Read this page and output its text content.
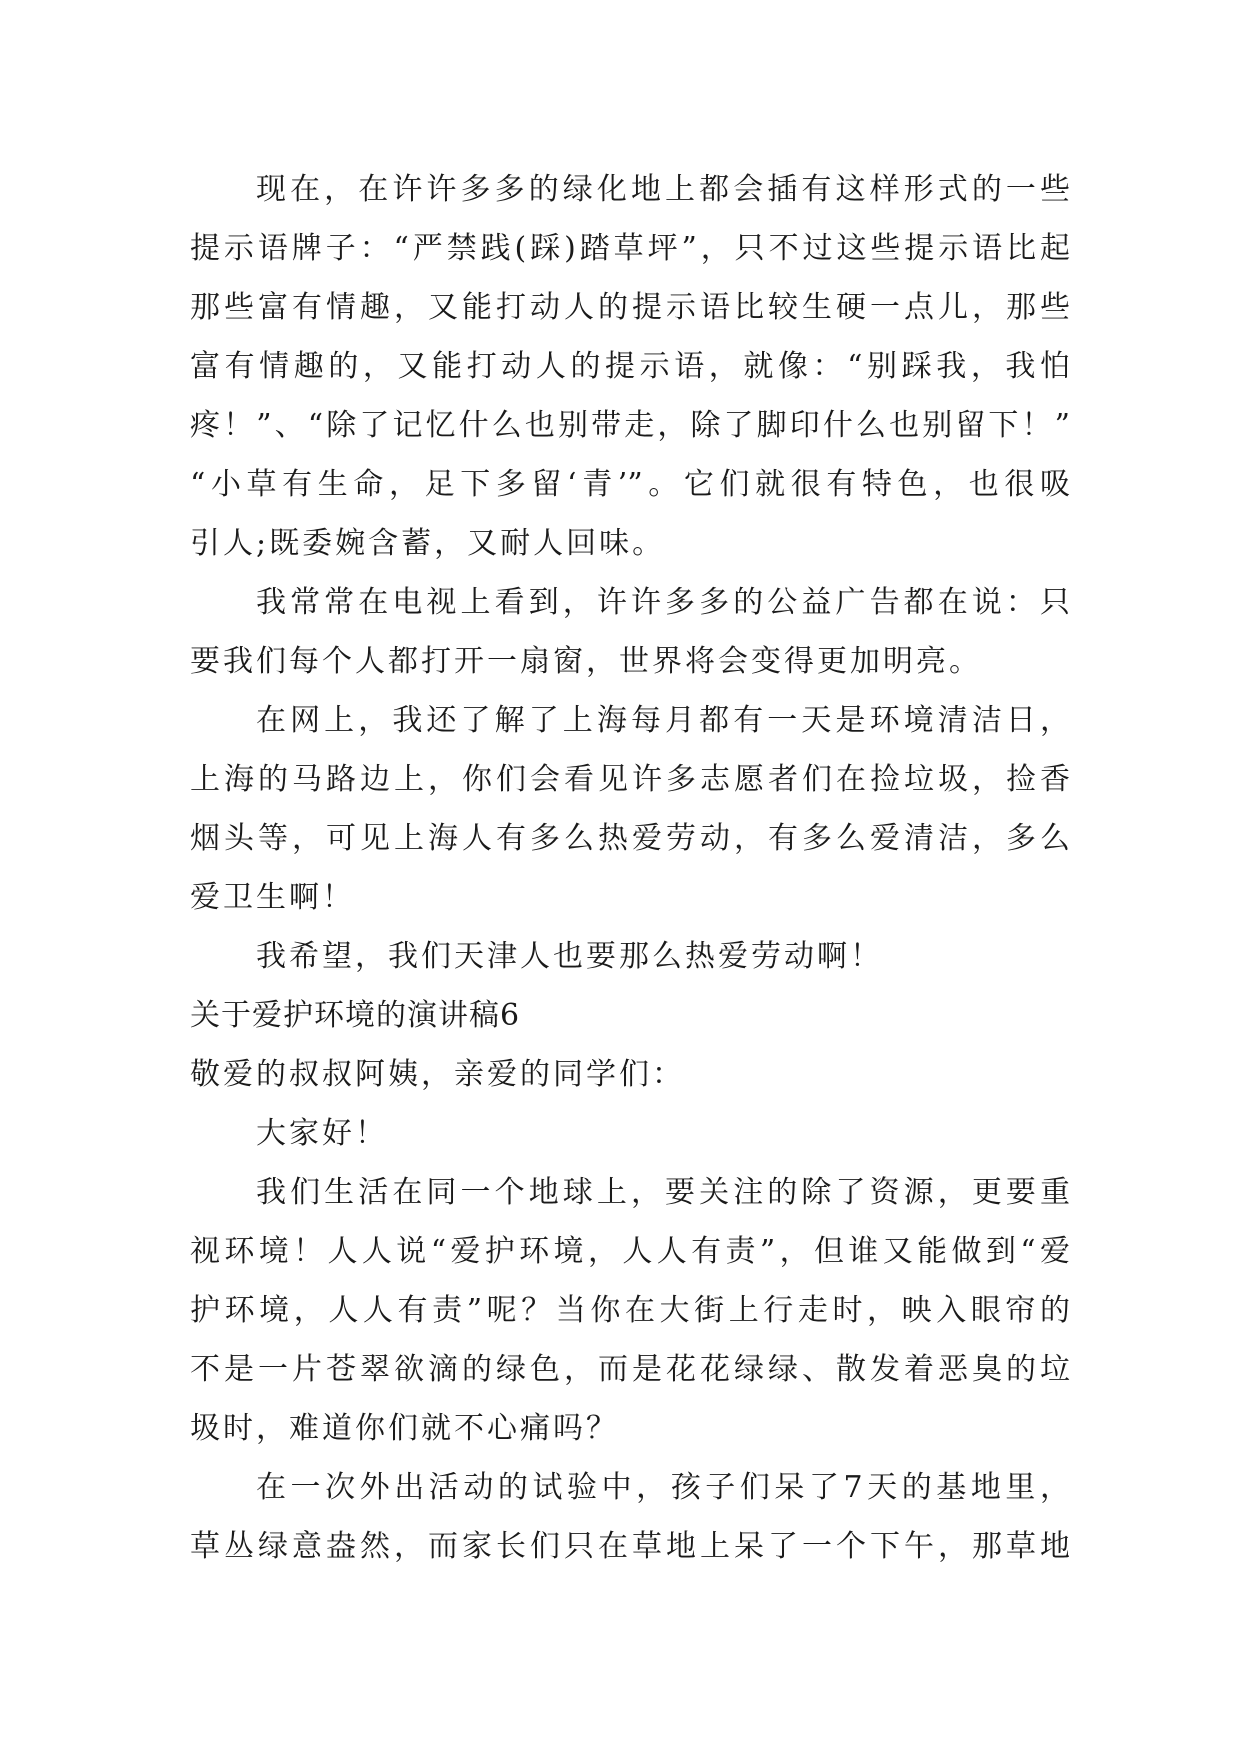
现在，在许许多多的绿化地上都会插有这样形式的一些
提示语牌子：“严禁践(踩)踏草坪”，只不过这些提示语比起
那些富有情趣，又能打动人的提示语比较生硬一点儿，那些
富有情趣的，又能打动人的提示语，就像：“别踩我，我怕
疼！”、“除了记忆什么也别带走，除了脚印什么也别留下！”
“小草有生命，足下多留‘青’”。它们就很有特色，也很吸
引人;既委婉含蓄，又耐人回味。
我常常在电视上看到，许许多多的公益广告都在说：只
要我们每个人都打开一扇窗，世界将会变得更加明亮。
在网上，我还了解了上海每月都有一天是环境清洁日，
上海的马路边上，你们会看见许多志愿者们在捡垃圾，捡香
烟头等，可见上海人有多么热爱劳动，有多么爱清洁，多么
爱卫生啊！
我希望，我们天津人也要那么热爱劳动啊！
关于爱护环境的演讲稿6
敬爱的叔叔阿姨，亲爱的同学们：
大家好！
我们生活在同一个地球上，要关注的除了资源，更要重
视环境！人人说“爱护环境，人人有责”，但谁又能做到“爱
护环境，人人有责”呢？当你在大街上行走时，映入眼帘的
不是一片苍翠欲滴的绿色，而是花花绿绿、散发着恶臭的垃
圾时，难道你们就不心痛吗？
在一次外出活动的试验中，孩子们呆了7天的基地里，
草丛绿意盎然，而家长们只在草地上呆了一个下午，那草地
